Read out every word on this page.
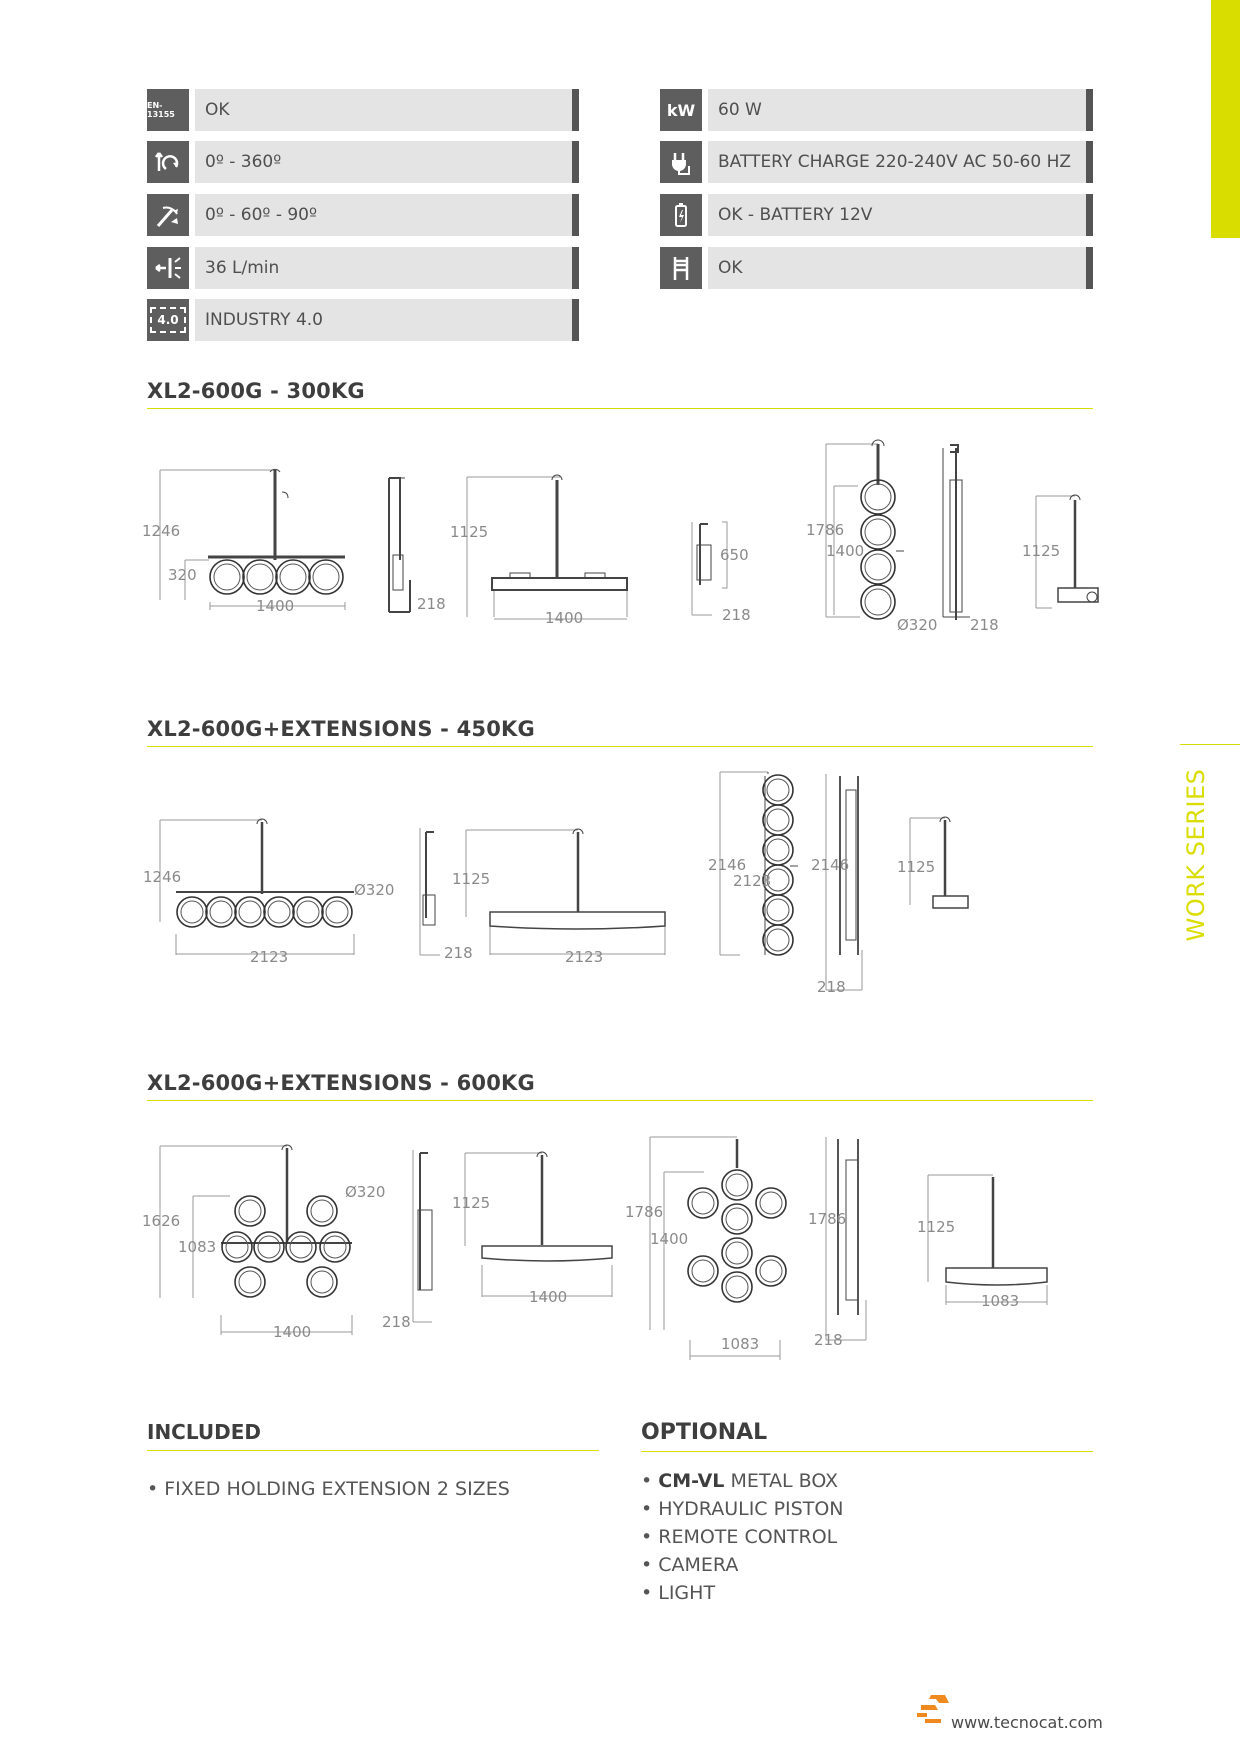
WORK SERIES
EN-13155	OK
0º - 360º
0º - 60º - 90º
36 L/min
4.0	INDUSTRY 4.0
kW	60 W
BATTERY CHARGE 220-240V AC 50-60 HZ
OK - BATTERY 12V
OK
XL2-600G - 300KG
1246
320
1400	218
1125
1400
650
218
1786
1400
Ø320 218
1125
1246
Ø320
2123	218
1125
2123
2146
2123
2146
218
1125
1626
1083
Ø320
1400
218
1125
1400
1786
1400
1083
1786
218
1125
1083
XL2-600G+EXTENSIONS - 450KG
XL2-600G+EXTENSIONS - 600KG
INCLUDED
• FIXED HOLDING EXTENSION 2 SIZES
OPTIONAL
• CM-VL METAL BOX
• HYDRAULIC PISTON
• REMOTE CONTROL
• CAMERA
• LIGHT
www.tecnocat.com
